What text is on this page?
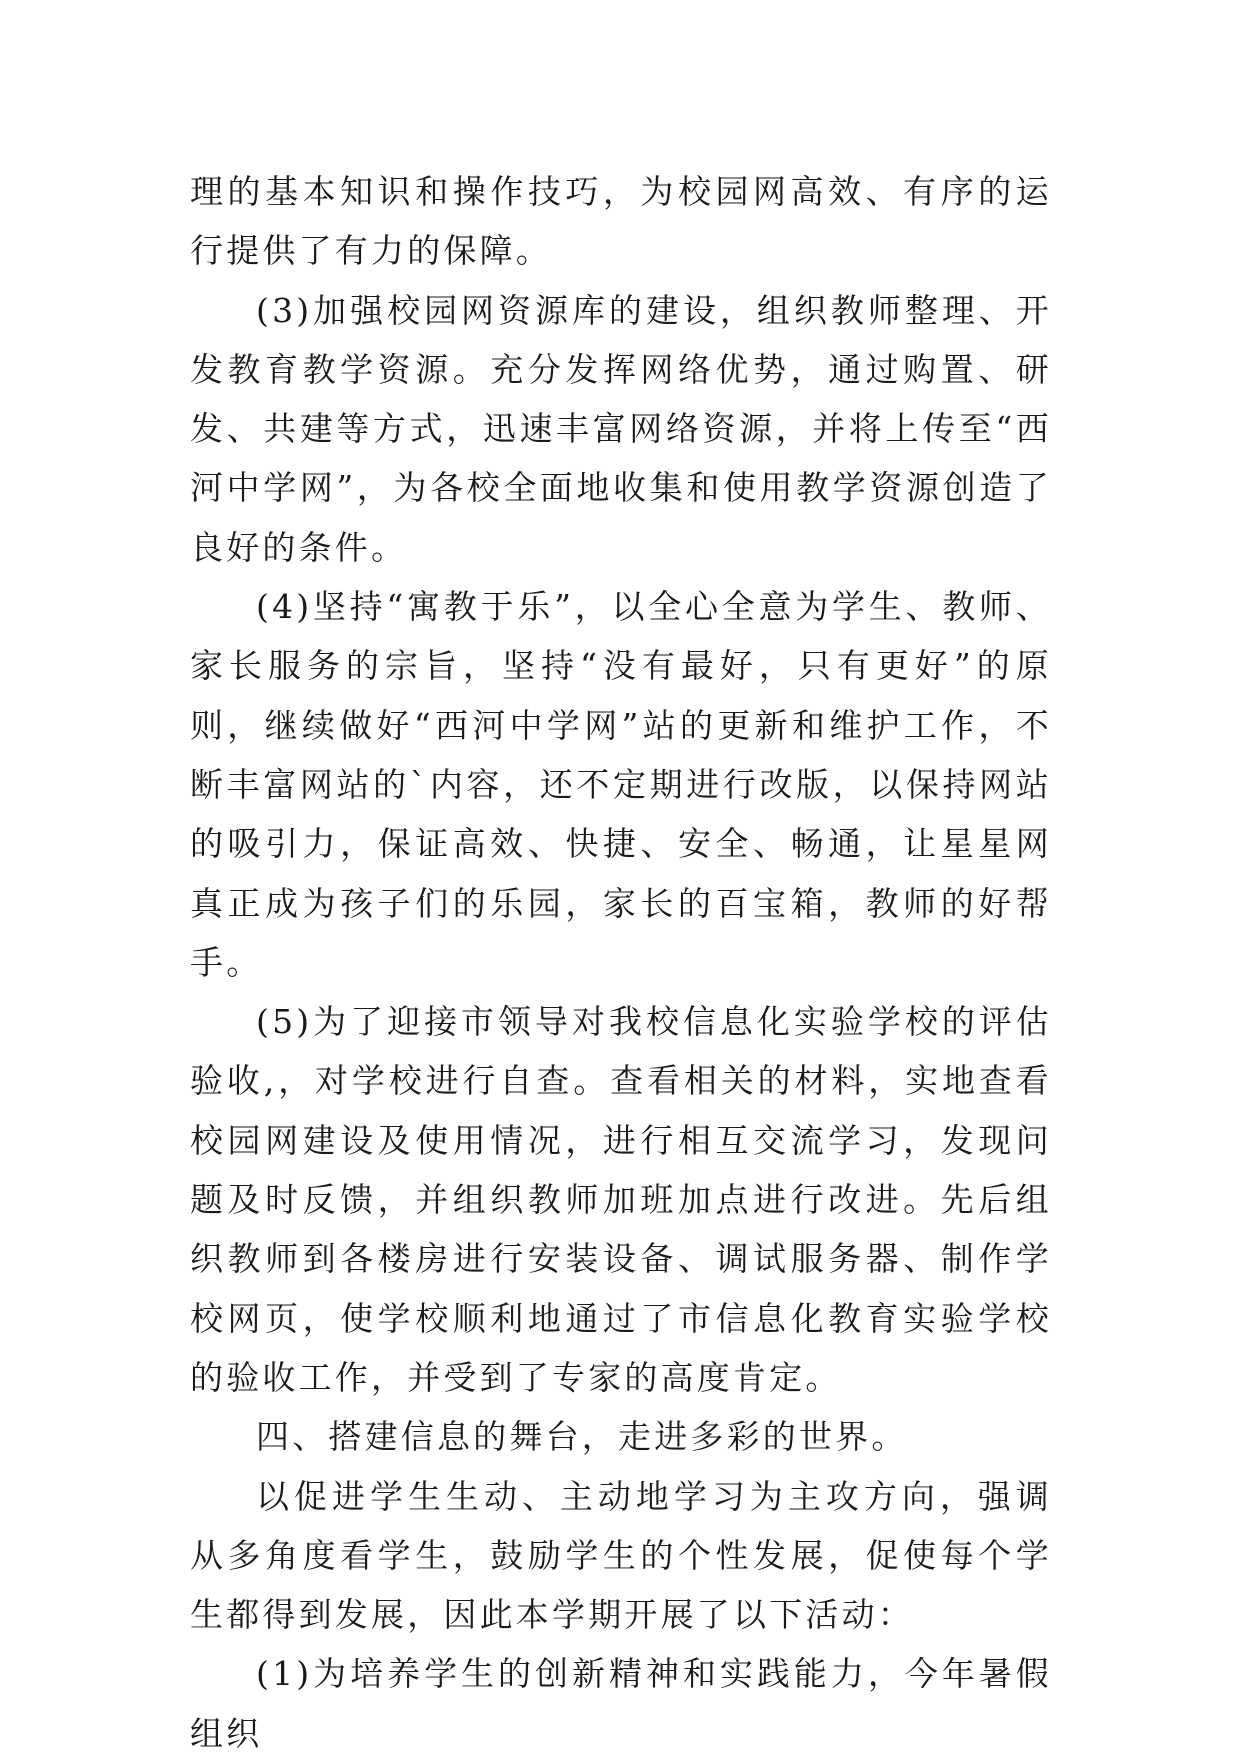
理的基本知识和操作技巧，为校园网高效、有序的运行提供了有力的保障。

(3)加强校园网资源库的建设，组织教师整理、开发教育教学资源。充分发挥网络优势，通过购置、研发、共建等方式，迅速丰富网络资源，并将上传至“西河中学网”，为各校全面地收集和使用教学资源创造了良好的条件。

(4)坚持“寓教于乐”，以全心全意为学生、教师、家长服务的宗旨，坚持“没有最好，只有更好”的原则，继续做好“西河中学网”站的更新和维护工作，不断丰富网站的`内容，还不定期进行改版，以保持网站的吸引力，保证高效、快捷、安全、畅通，让星星网真正成为孩子们的乐园，家长的百宝箱，教师的好帮手。

(5)为了迎接市领导对我校信息化实验学校的评估验收,，对学校进行自查。查看相关的材料，实地查看校园网建设及使用情况，进行相互交流学习，发现问题及时反馈，并组织教师加班加点进行改进。先后组织教师到各楼房进行安装设备、调试服务器、制作学校网页，使学校顺利地通过了市信息化教育实验学校的验收工作，并受到了专家的高度肯定。

四、搭建信息的舞台，走进多彩的世界。

以促进学生生动、主动地学习为主攻方向，强调从多角度看学生，鼓励学生的个性发展，促使每个学生都得到发展，因此本学期开展了以下活动：

(1)为培养学生的创新精神和实践能力，今年暑假组织
